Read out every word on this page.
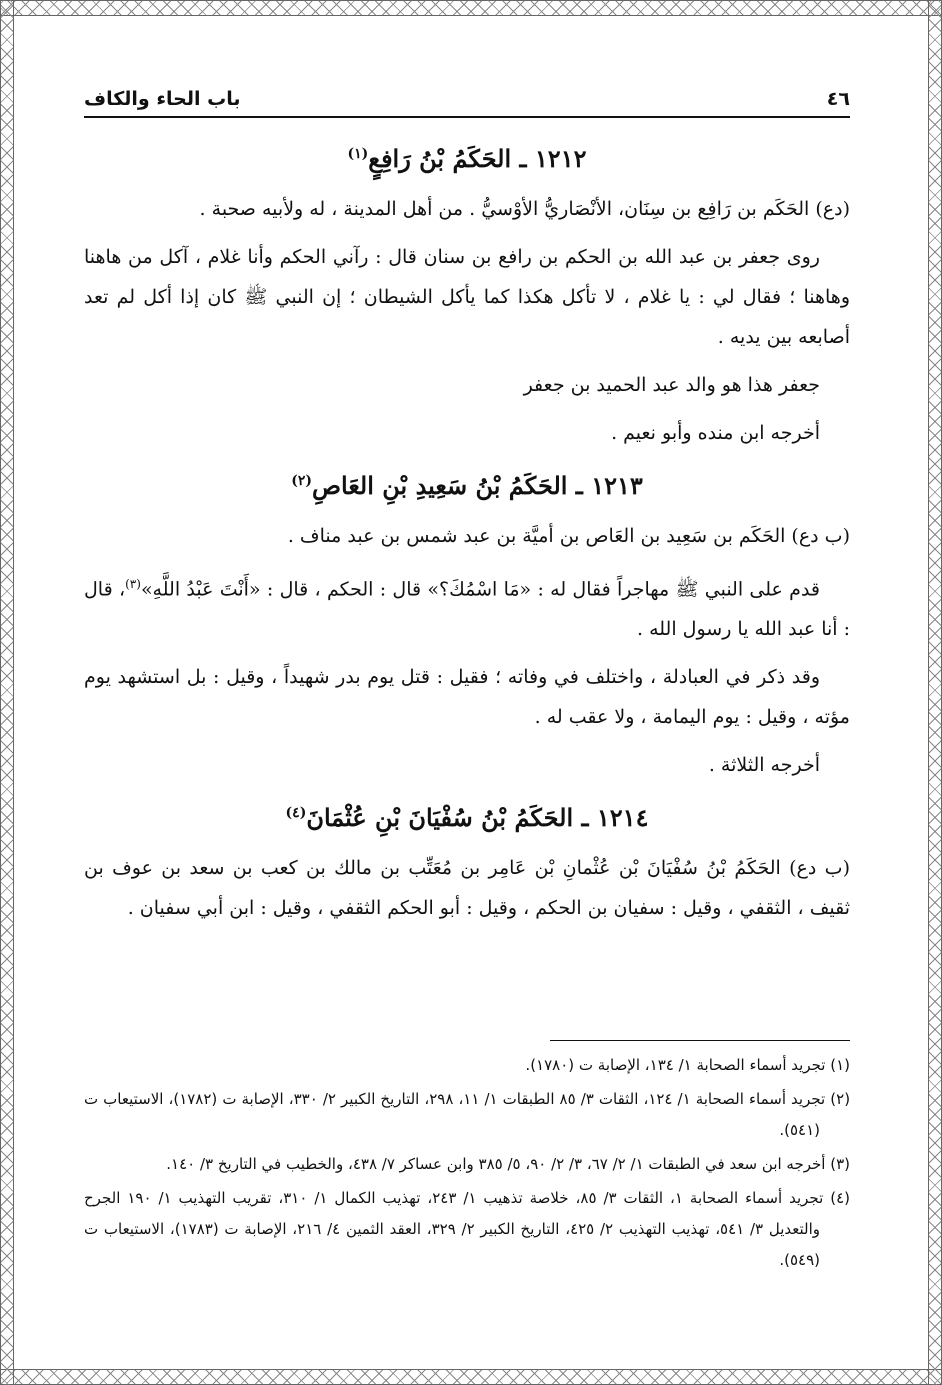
٤٦
باب الحاء والكاف
١٢١٢ ـ الحَكَمُ بْنُ رَافِعٍ$^{(١)}$

(دع) الحَكَم بن رَافِع بن سِنَان، الأنْصَاريُّ الأوْسيُّ . من أهل المدينة ، له ولأبيه صحبة .

روى جعفر بن عبد الله بن الحكم بن رافع بن سنان قال : رآني الحكم وأنا غلام ، آكل من هاهنا وهاهنا ؛ فقال لي : يا غلام ، لا تأكل هكذا كما يأكل الشيطان ؛ إن النبي ﷺ كان إذا أكل لم تعد أصابعه بين يديه .

جعفر هذا هو والد عبد الحميد بن جعفر

أخرجه ابن منده وأبو نعيم .

١٢١٣ ـ الحَكَمُ بْنُ سَعِيدِ بْنِ العَاصِ$^{(٢)}$

(ب دع) الحَكَم بن سَعِيد بن العَاص بن أميَّة بن عبد شمس بن عبد مناف .

قدم على النبي ﷺ مهاجراً فقال له : «مَا اسْمُكَ؟» قال : الحكم ، قال : «أَنْتَ عَبْدُ اللَّهِ»$^{(٣)}$، قال : أنا عبد الله يا رسول الله .

وقد ذكر في العبادلة ، واختلف في وفاته ؛ فقيل : قتل يوم بدر شهيداً ، وقيل : بل استشهد يوم مؤته ، وقيل : يوم اليمامة ، ولا عقب له .

أخرجه الثلاثة .

١٢١٤ ـ الحَكَمُ بْنُ سُفْيَانَ بْنِ عُثْمَانَ$^{(٤)}$

(ب دع) الحَكَمُ بْنُ سُفْيَانَ بْن عُثْمانِ بْن عَامِر بن مُعَتِّب بن مالك بن كعب بن سعد بن عوف بن ثقيف ، الثقفي ، وقيل : سفيان بن الحكم ، وقيل : أبو الحكم الثقفي ، وقيل : ابن أبي سفيان .

(١) تجريد أسماء الصحابة ١/ ١٣٤، الإصابة ت (١٧٨٠).

(٢) تجريد أسماء الصحابة ١/ ١٢٤، الثقات ٣/ ٨٥ الطبقات ١/ ١١، ٢٩٨، التاريخ الكبير ٢/ ٣٣٠، الإصابة ت (١٧٨٢)، الاستيعاب ت (٥٤١).

(٣) أخرجه ابن سعد في الطبقات ١/ ٢/ ٦٧، ٣/ ٢/ ٩٠، ٥/ ٣٨٥ وابن عساكر ٧/ ٤٣٨، والخطيب في التاريخ ٣/ ١٤٠.

(٤) تجريد أسماء الصحابة ١، الثقات ٣/ ٨٥، خلاصة تذهيب ١/ ٢٤٣، تهذيب الكمال ١/ ٣١٠، تقريب التهذيب ١/ ١٩٠ الجرح والتعديل ٣/ ٥٤١، تهذيب التهذيب ٢/ ٤٢٥، التاريخ الكبير ٢/ ٣٢٩، العقد الثمين ٤/ ٢١٦، الإصابة ت (١٧٨٣)، الاستيعاب ت (٥٤٩).
